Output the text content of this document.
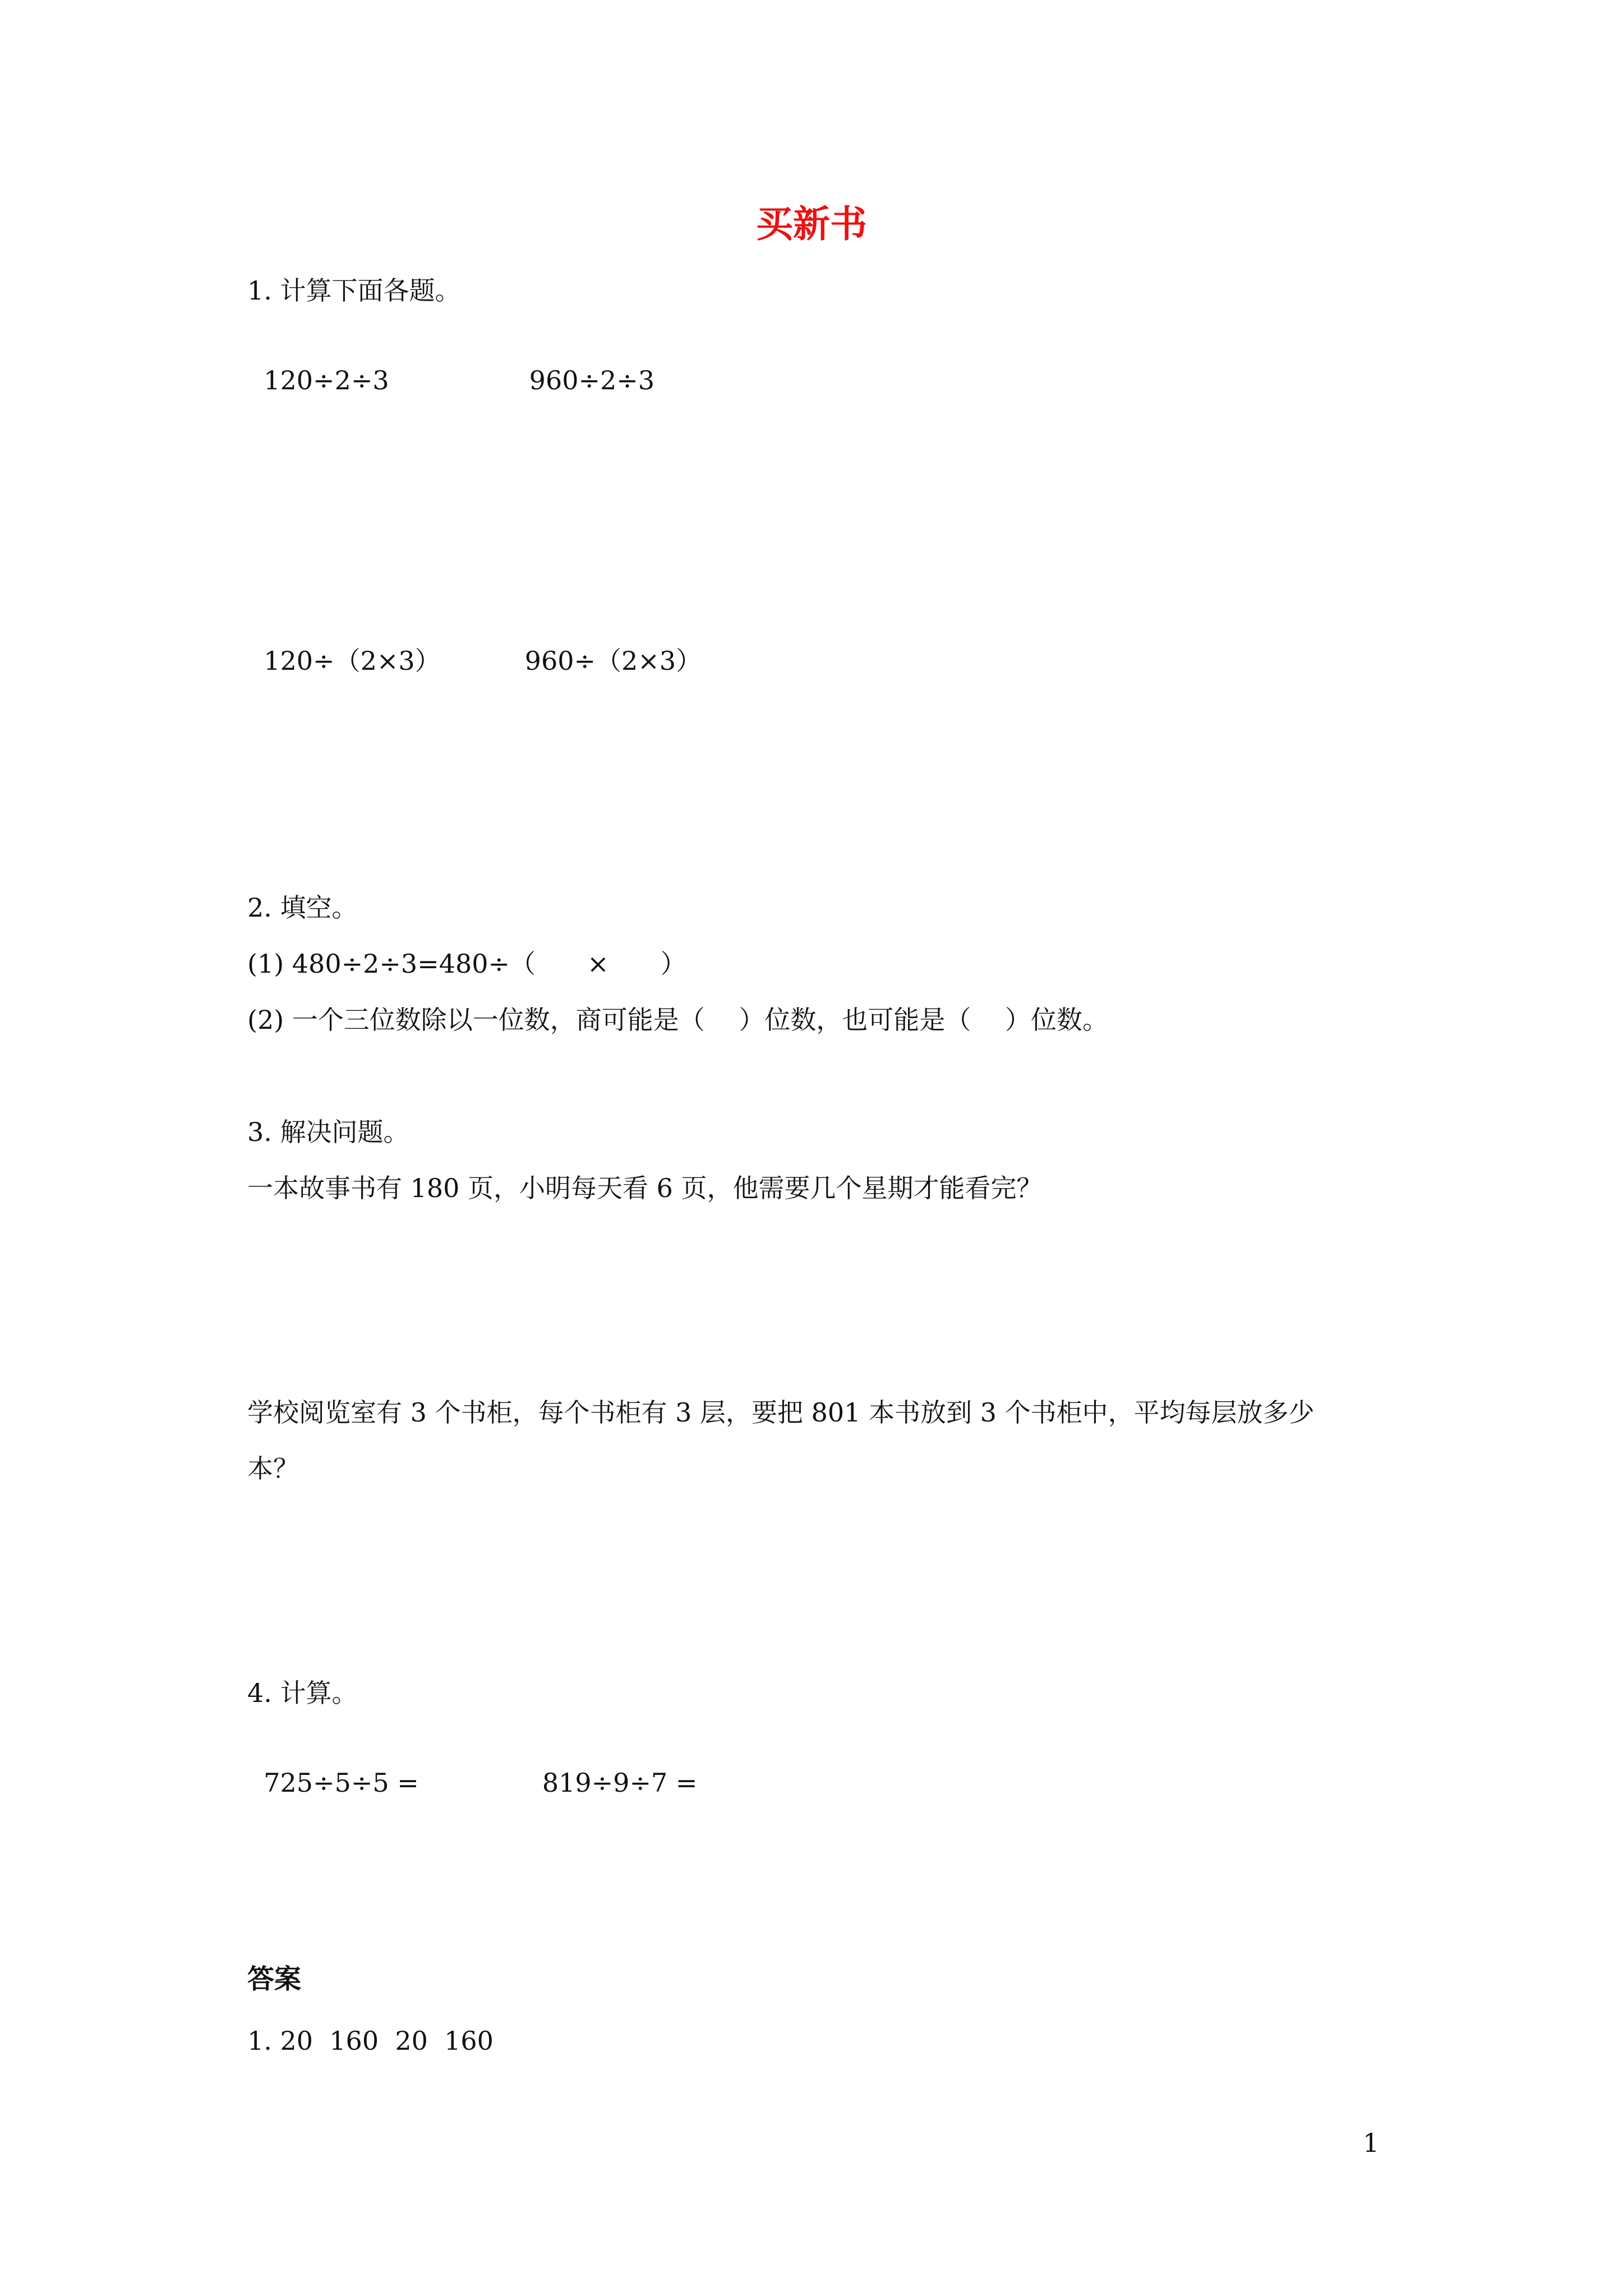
买新书
1. 计算下面各题。

120÷2÷3	960÷2÷3

120÷（2×3）	960÷（2×3）

2. 填空。
(1) 480÷2÷3=480÷（　　×　　）
(2) 一个三位数除以一位数，商可能是（　 ）位数，也可能是（　 ）位数。
3. 解决问题。
一本故事书有 180 页，小明每天看 6 页，他需要几个星期才能看完？
学校阅览室有 3 个书柜，每个书柜有 3 层，要把 801 本书放到 3 个书柜中，平均每层放多少
本？
4. 计算。

725÷5÷5 =	819÷9÷7 =

答案
1. 20  160  20  160
1
